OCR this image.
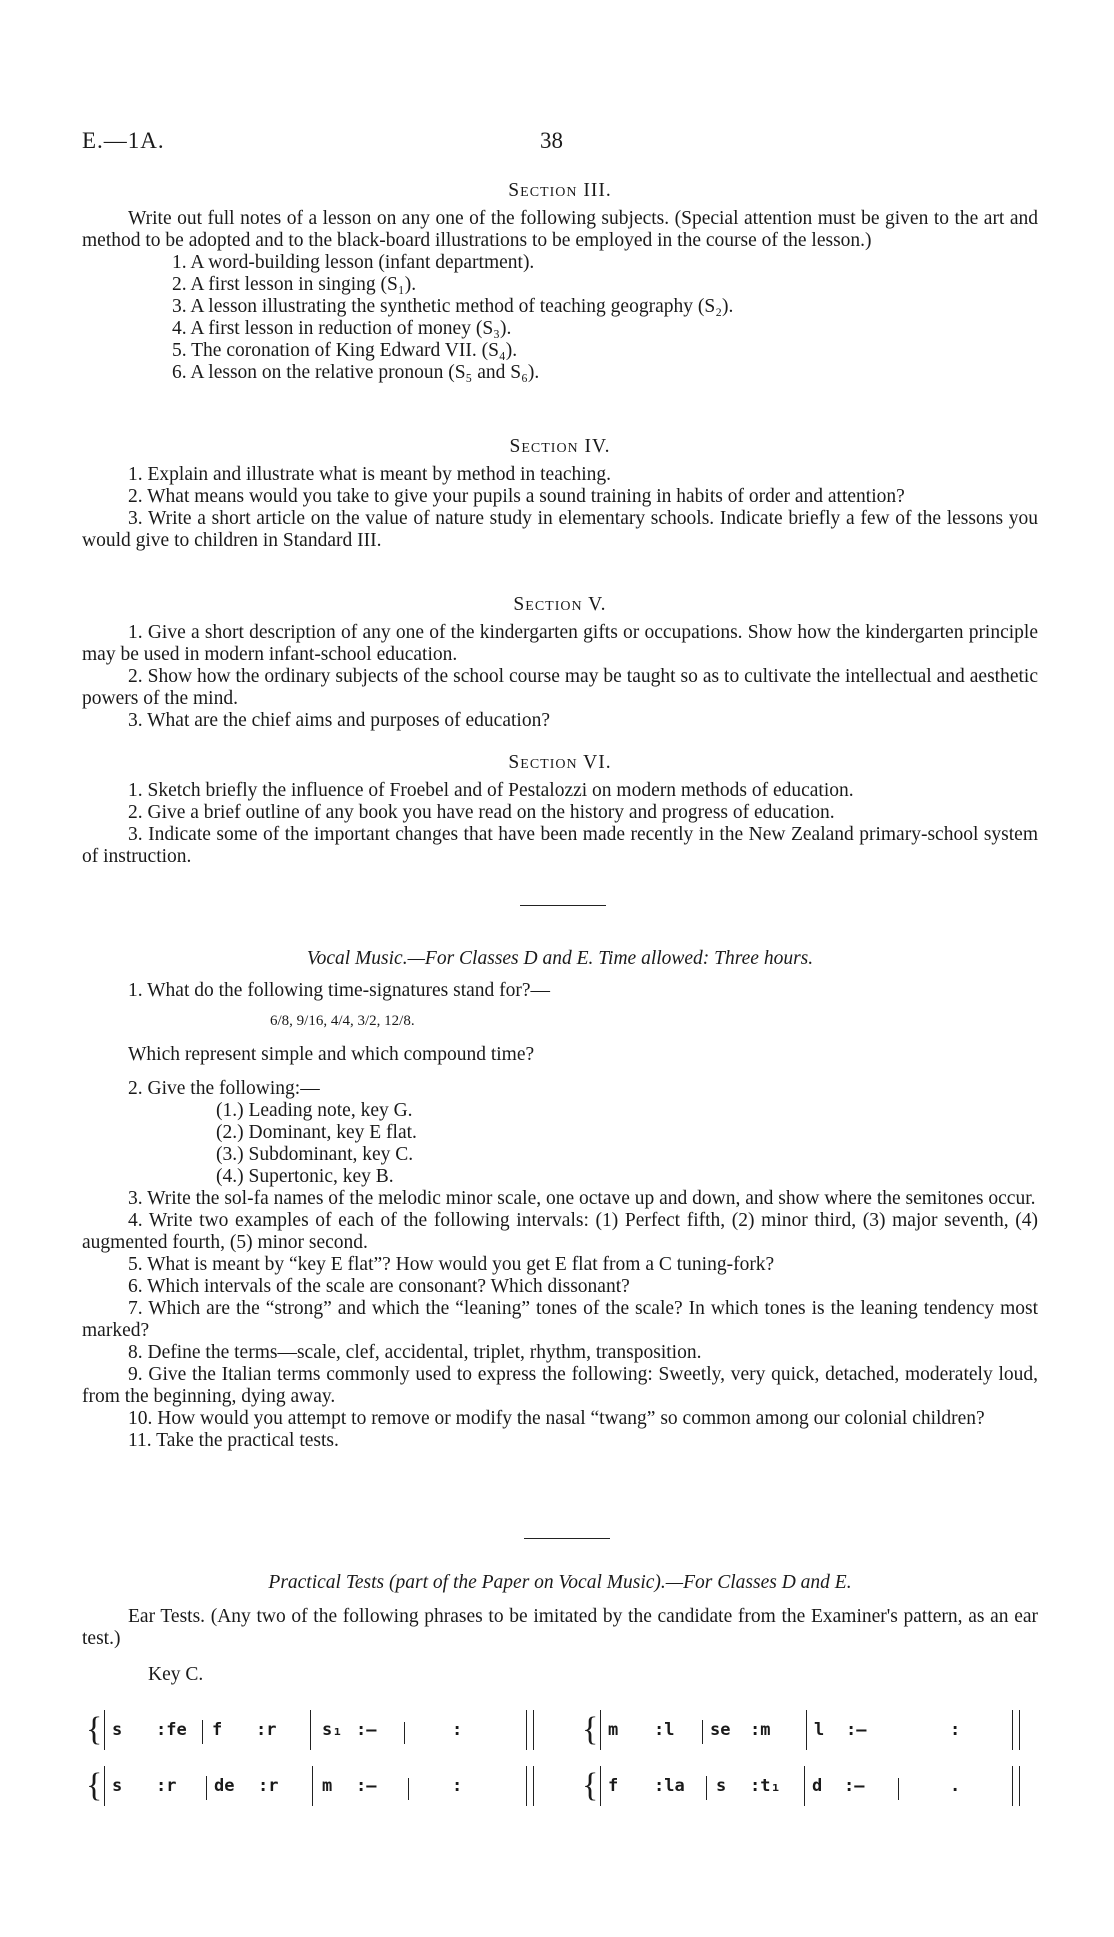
E.—1A.	38

Section III.

Write out full notes of a lesson on any one of the following subjects. (Special attention must be given to the art and method to be adopted and to the black-board illustrations to be employed in the course of the lesson.)

1. A word-building lesson (infant department).

2. A first lesson in singing (S₁).

3. A lesson illustrating the synthetic method of teaching geography (S₂).

4. A first lesson in reduction of money (S₃).

5. The coronation of King Edward VII. (S₄).

6. A lesson on the relative pronoun (S₅ and S₆).

Section IV.

1. Explain and illustrate what is meant by method in teaching.

2. What means would you take to give your pupils a sound training in habits of order and attention?

3. Write a short article on the value of nature study in elementary schools. Indicate briefly a few of the lessons you would give to children in Standard III.

Section V.

1. Give a short description of any one of the kindergarten gifts or occupations. Show how the kindergarten principle may be used in modern infant-school education.

2. Show how the ordinary subjects of the school course may be taught so as to cultivate the intellectual and aesthetic powers of the mind.

3. What are the chief aims and purposes of education?

Section VI.

1. Sketch briefly the influence of Froebel and of Pestalozzi on modern methods of education.

2. Give a brief outline of any book you have read on the history and progress of education.

3. Indicate some of the important changes that have been made recently in the New Zealand primary-school system of instruction.

Vocal Music.—For Classes D and E. Time allowed: Three hours.

1. What do the following time-signatures stand for?—

6/8, 9/16, 4/4, 3/2, 12/8.

Which represent simple and which compound time?

2. Give the following:—

(1.) Leading note, key G.

(2.) Dominant, key E flat.

(3.) Subdominant, key C.

(4.) Supertonic, key B.

3. Write the sol-fa names of the melodic minor scale, one octave up and down, and show where the semitones occur.

4. Write two examples of each of the following intervals: (1) Perfect fifth, (2) minor third, (3) major seventh, (4) augmented fourth, (5) minor second.

5. What is meant by “key E flat”? How would you get E flat from a C tuning-fork?

6. Which intervals of the scale are consonant? Which dissonant?

7. Which are the “strong” and which the “leaning” tones of the scale? In which tones is the leaning tendency most marked?

8. Define the terms—scale, clef, accidental, triplet, rhythm, transposition.

9. Give the Italian terms commonly used to express the following: Sweetly, very quick, detached, moderately loud, from the beginning, dying away.

10. How would you attempt to remove or modify the nasal “twang” so common among our colonial children?

11. Take the practical tests.

Practical Tests (part of the Paper on Vocal Music).—For Classes D and E.

Ear Tests. (Any two of the following phrases to be imitated by the candidate from the Examiner's pattern, as an ear test.)

Key C.

{ s :fe f :r	s₁ :—	:	{ m :l se :m	l :—	:
{ s :r de :r	m :—	:	{ f :la s :t₁ d :—	.
